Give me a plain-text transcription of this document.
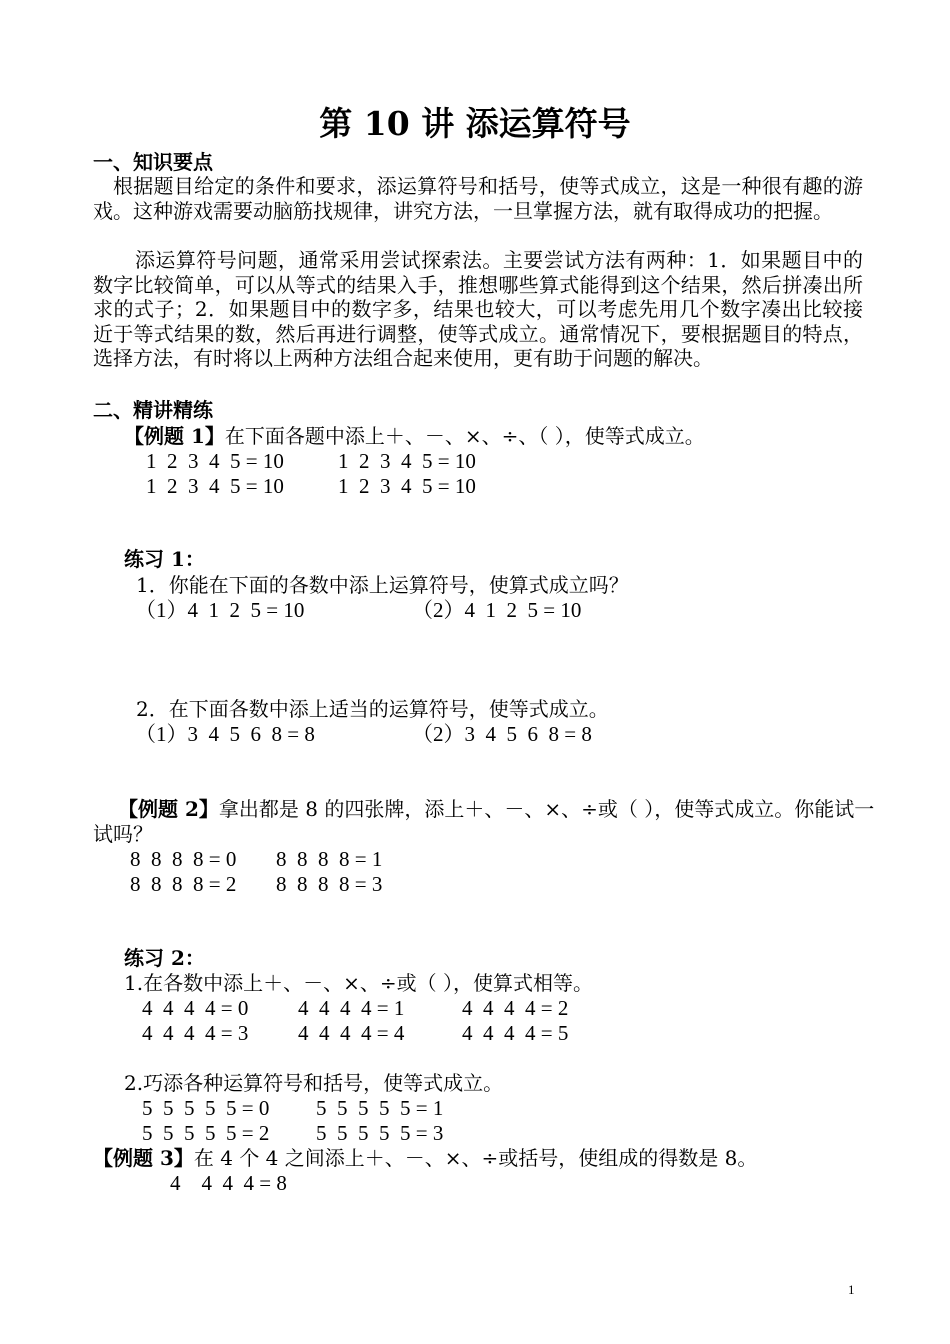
第 10 讲 添运算符号
一、知识要点
根据题目给定的条件和要求，添运算符号和括号，使等式成立，这是一种很有趣的游戏。这种游戏需要动脑筋找规律，讲究方法，一旦掌握方法，就有取得成功的把握。
添运算符号问题，通常采用尝试探索法。主要尝试方法有两种：1．如果题目中的数字比较简单，可以从等式的结果入手，推想哪些算式能得到这个结果，然后拼凑出所求的式子；2．如果题目中的数字多，结果也较大，可以考虑先用几个数字凑出比较接近于等式结果的数，然后再进行调整，使等式成立。通常情况下，要根据题目的特点，选择方法，有时将以上两种方法组合起来使用，更有助于问题的解决。
二、精讲精练
【例题 1】在下面各题中添上＋、－、×、÷、（ ），使等式成立。
1  2  3  4  5 = 10	1  2  3  4  5 = 10
1  2  3  4  5 = 10	1  2  3  4  5 = 10
练习 1：
1．你能在下面的各数中添上运算符号，使算式成立吗？
（1）4  1  2  5 = 10	（2）4  1  2  5 = 10
2．在下面各数中添上适当的运算符号，使等式成立。
（1）3  4  5  6  8 = 8	（2）3  4  5  6  8 = 8
【例题 2】拿出都是 8 的四张牌，添上＋、－、×、÷或（ ），使等式成立。你能试一
试吗？
8  8  8  8 = 0 8  8  8  8 = 1
8  8  8  8 = 2 8  8  8  8 = 3
练习 2：
1.在各数中添上＋、－、×、÷或（ ），使算式相等。
4  4  4  4 = 0 4  4  4  4 = 1	4  4  4  4 = 2
4  4  4  4 = 3 4  4  4  4 = 4	4  4  4  4 = 5
2.巧添各种运算符号和括号，使等式成立。
5  5  5  5  5 = 0 5  5  5  5  5 = 1
5  5  5  5  5 = 2 5  5  5  5  5 = 3
【例题 3】在 4 个 4 之间添上＋、－、×、÷或括号，使组成的得数是 8。
4    4  4  4 = 8
1
